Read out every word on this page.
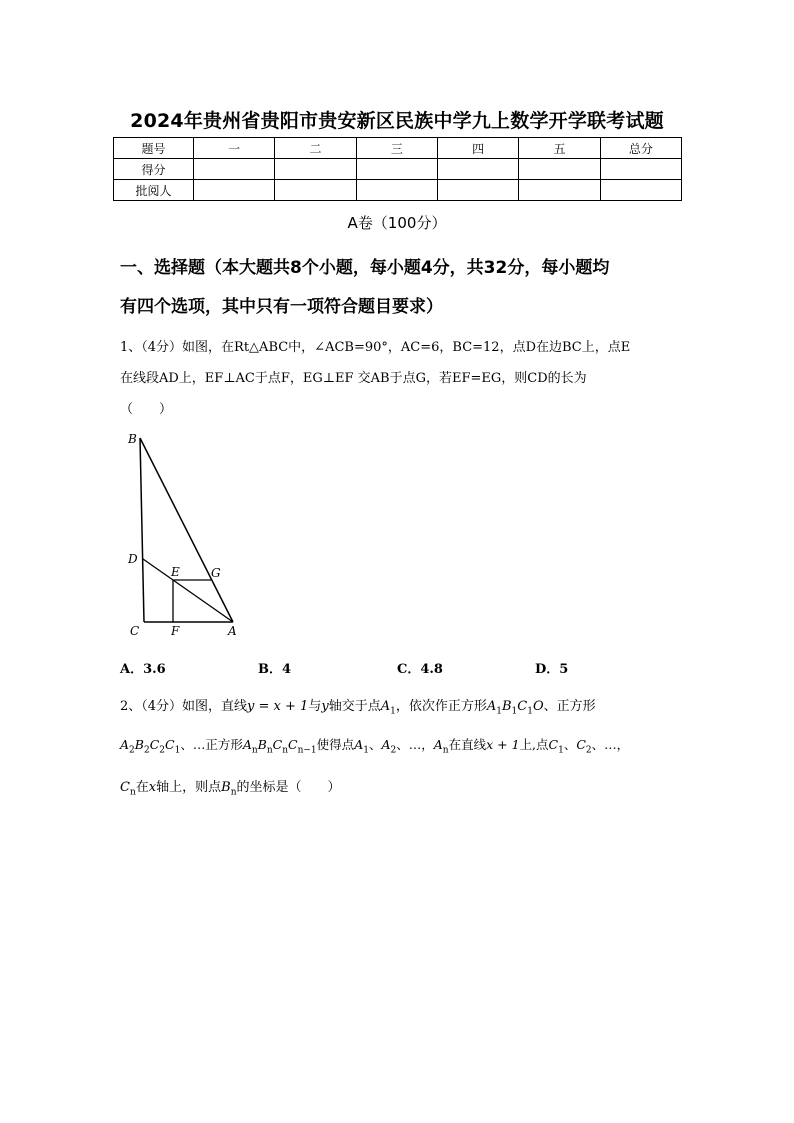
2024年贵州省贵阳市贵安新区民族中学九上数学开学联考试题
题号	一	二	三	四	五	总分
得分						
批阅人						
A卷（100分）
一、选择题（本大题共8个小题，每小题4分，共32分，每小题均
有四个选项，其中只有一项符合题目要求）
1、（4分）如图，在Rt△ABC中，∠ACB=90°，AC=6，BC=12，点D在边BC上，点E
在线段AD上，EF⊥AC于点F，EG⊥EF 交AB于点G，若EF=EG，则CD的长为
（　　）
B
D
E	G
C	F	A
A．3.6	B．4	C．4.8	D．5
2、（4分）如图，直线y = x + 1与y轴交于点$A_1$，依次作正方形$A_1B_1C_1O$、正方形
$A_2B_2C_2C_1$、…正方形$A_nB_nC_nC_{n-1}$使得点$A_1$、$A_2$、…，$A_n$在直线x + 1上,点$C_1$、$C_2$、…，
$C_n$在x轴上，则点$B_n$的坐标是（　　）
